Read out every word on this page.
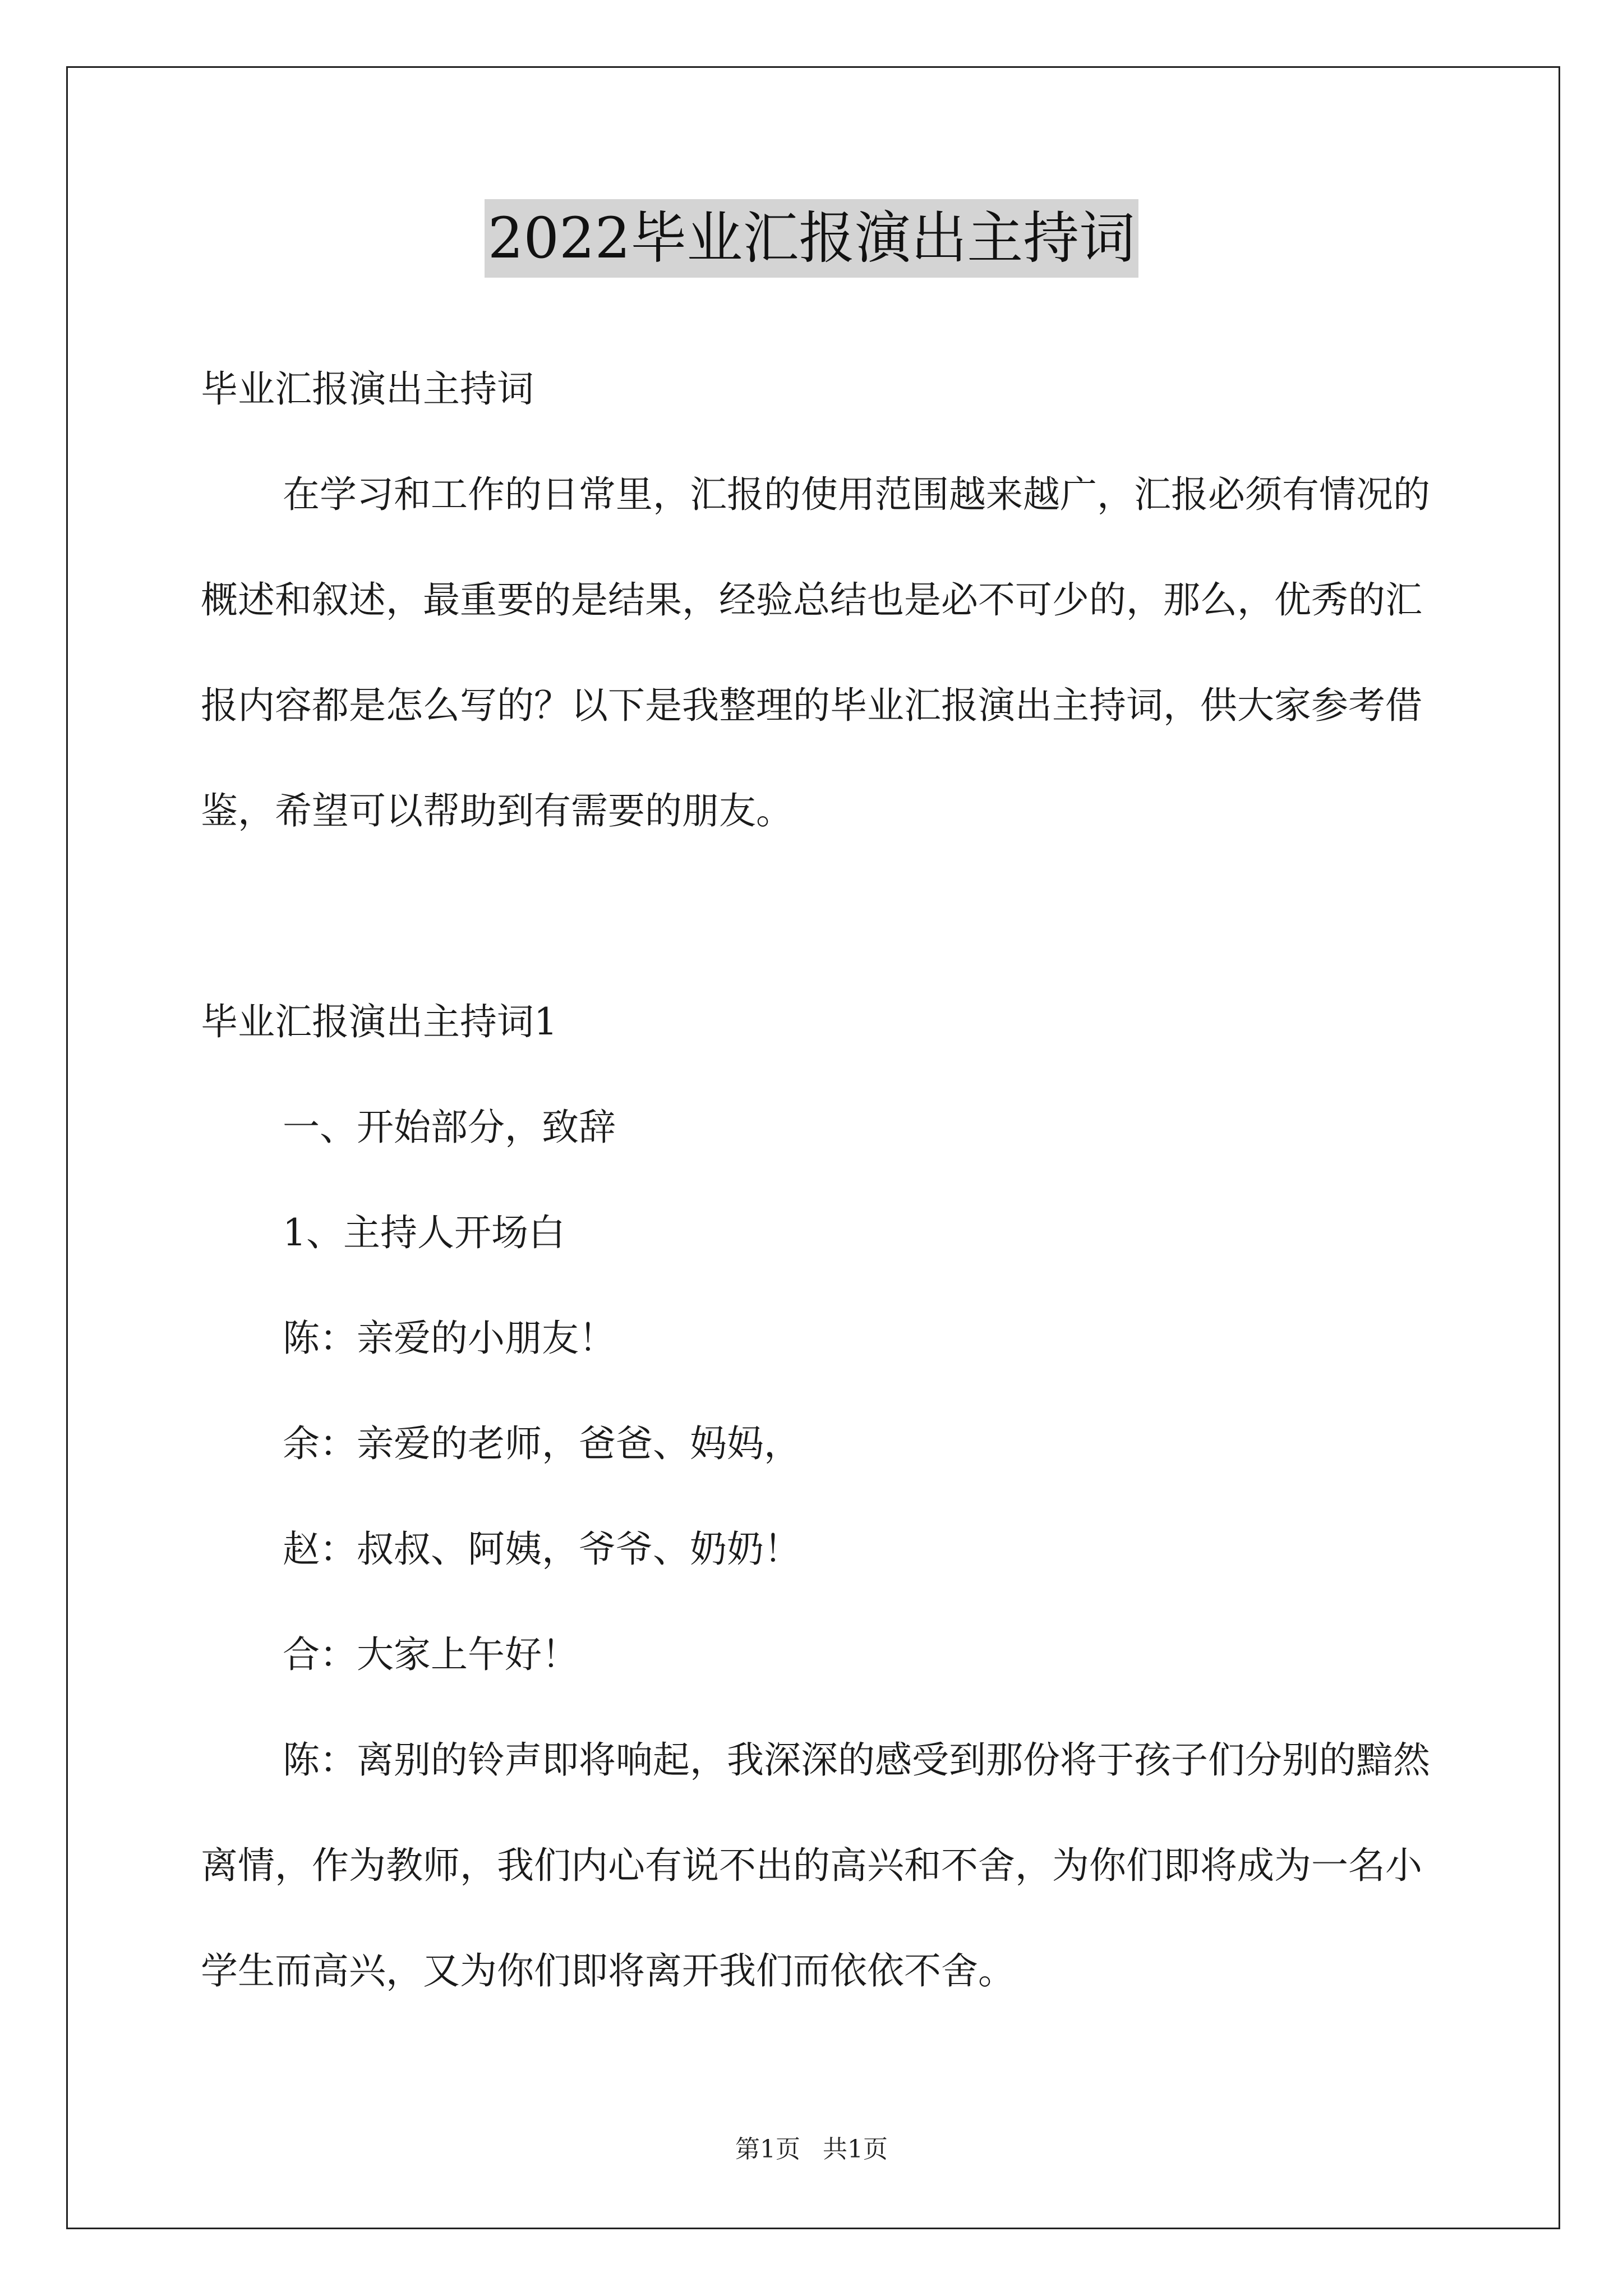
2022毕业汇报演出主持词

毕业汇报演出主持词

在学习和工作的日常里，汇报的使用范围越来越广，汇报必须有情况的概述和叙述，最重要的是结果，经验总结也是必不可少的，那么，优秀的汇报内容都是怎么写的？以下是我整理的毕业汇报演出主持词，供大家参考借鉴，希望可以帮助到有需要的朋友。

毕业汇报演出主持词1

一、开始部分，致辞

1、主持人开场白

陈：亲爱的小朋友！

余：亲爱的老师，爸爸、妈妈，

赵：叔叔、阿姨，爷爷、奶奶！

合：大家上午好！

陈：离别的铃声即将响起，我深深的感受到那份将于孩子们分别的黯然离情，作为教师，我们内心有说不出的高兴和不舍，为你们即将成为一名小学生而高兴，又为你们即将离开我们而依依不舍。

第1页 共1页
